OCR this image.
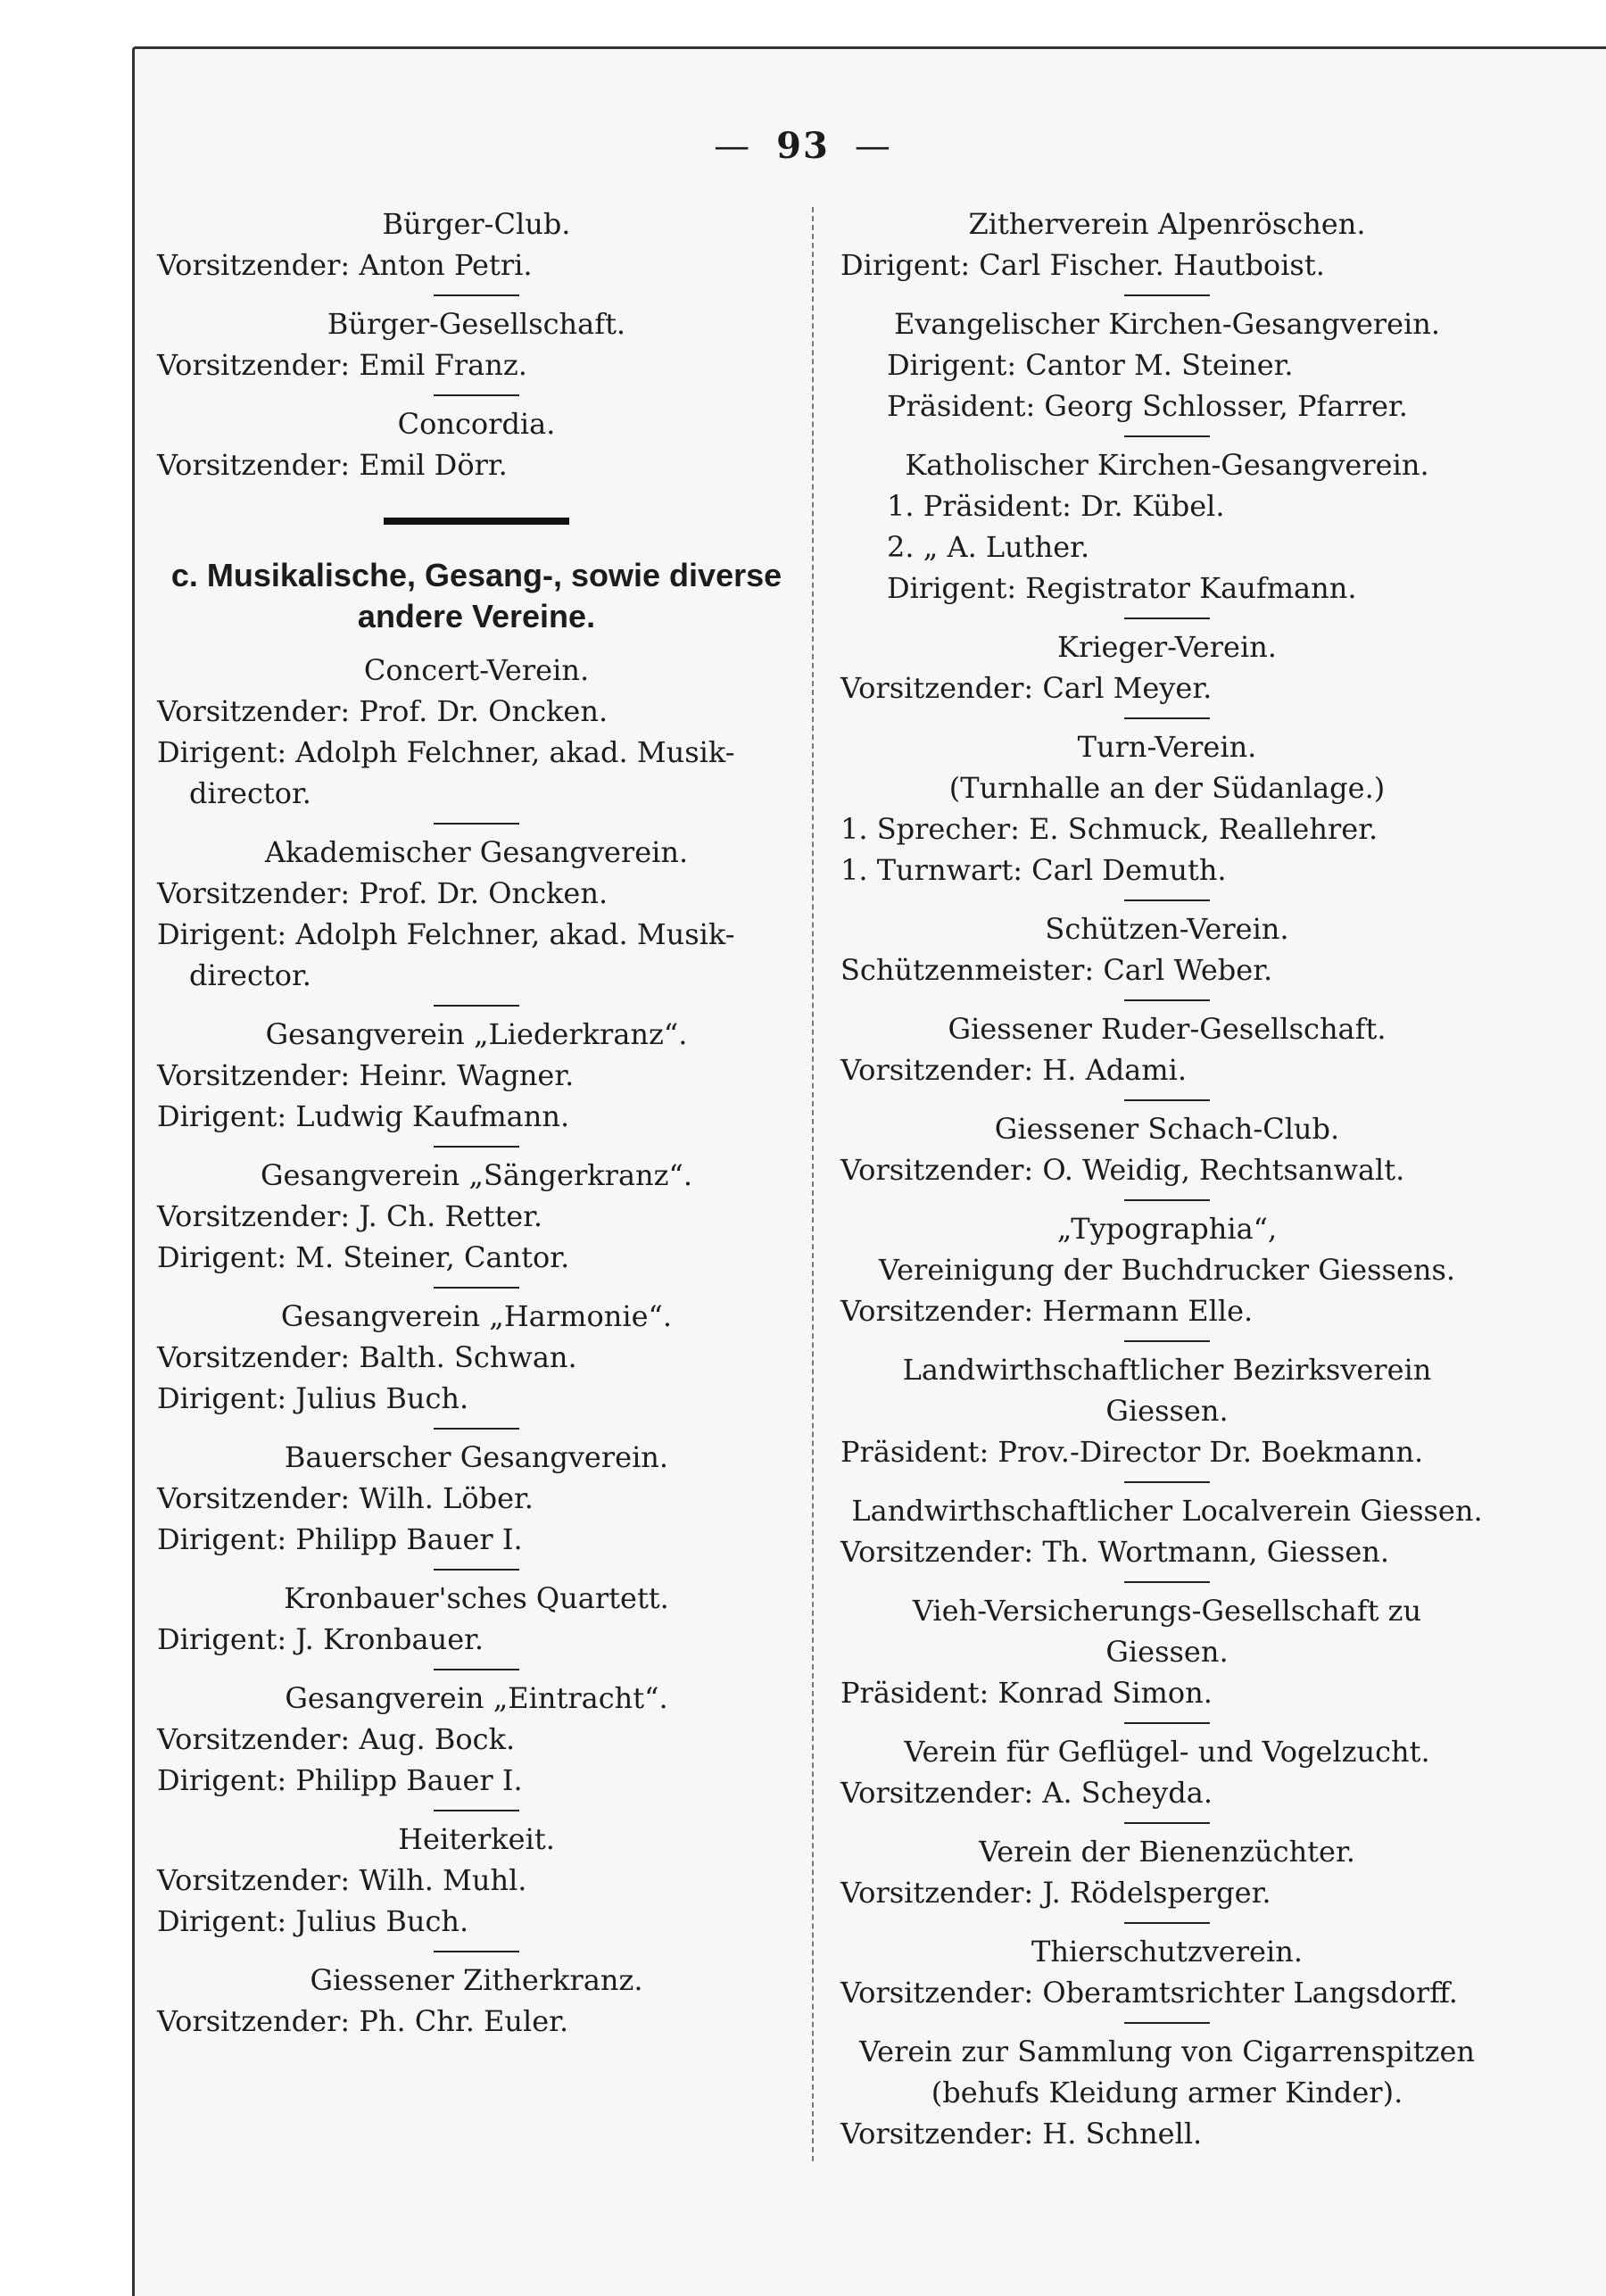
— 93 —
Bürger-Club.
Vorsitzender: Anton Petri.
Bürger-Gesellschaft.
Vorsitzender: Emil Franz.
Concordia.
Vorsitzender: Emil Dörr.
c. Musikalische, Gesang-, sowie diverse
andere Vereine.
Concert-Verein.
Vorsitzender: Prof. Dr. Oncken.
Dirigent: Adolph Felchner, akad. Musik-
director.
Akademischer Gesangverein.
Vorsitzender: Prof. Dr. Oncken.
Dirigent: Adolph Felchner, akad. Musik-
director.
Gesangverein „Liederkranz“.
Vorsitzender: Heinr. Wagner.
Dirigent: Ludwig Kaufmann.
Gesangverein „Sängerkranz“.
Vorsitzender: J. Ch. Retter.
Dirigent: M. Steiner, Cantor.
Gesangverein „Harmonie“.
Vorsitzender: Balth. Schwan.
Dirigent: Julius Buch.
Bauerscher Gesangverein.
Vorsitzender: Wilh. Löber.
Dirigent: Philipp Bauer I.
Kronbauer'sches Quartett.
Dirigent: J. Kronbauer.
Gesangverein „Eintracht“.
Vorsitzender: Aug. Bock.
Dirigent: Philipp Bauer I.
Heiterkeit.
Vorsitzender: Wilh. Muhl.
Dirigent: Julius Buch.
Giessener Zitherkranz.
Vorsitzender: Ph. Chr. Euler.
Zitherverein Alpenröschen.
Dirigent: Carl Fischer. Hautboist.
Evangelischer Kirchen-Gesangverein.
Dirigent: Cantor M. Steiner.
Präsident: Georg Schlosser, Pfarrer.
Katholischer Kirchen-Gesangverein.
1. Präsident: Dr. Kübel.
2. „ A. Luther.
Dirigent: Registrator Kaufmann.
Krieger-Verein.
Vorsitzender: Carl Meyer.
Turn-Verein.
(Turnhalle an der Südanlage.)
1. Sprecher: E. Schmuck, Reallehrer.
1. Turnwart: Carl Demuth.
Schützen-Verein.
Schützenmeister: Carl Weber.
Giessener Ruder-Gesellschaft.
Vorsitzender: H. Adami.
Giessener Schach-Club.
Vorsitzender: O. Weidig, Rechtsanwalt.
„Typographia“,
Vereinigung der Buchdrucker Giessens.
Vorsitzender: Hermann Elle.
Landwirthschaftlicher Bezirksverein
Giessen.
Präsident: Prov.-Director Dr. Boekmann.
Landwirthschaftlicher Localverein Giessen.
Vorsitzender: Th. Wortmann, Giessen.
Vieh-Versicherungs-Gesellschaft zu
Giessen.
Präsident: Konrad Simon.
Verein für Geflügel- und Vogelzucht.
Vorsitzender: A. Scheyda.
Verein der Bienenzüchter.
Vorsitzender: J. Rödelsperger.
Thierschutzverein.
Vorsitzender: Oberamtsrichter Langsdorff.
Verein zur Sammlung von Cigarrenspitzen
(behufs Kleidung armer Kinder).
Vorsitzender: H. Schnell.
